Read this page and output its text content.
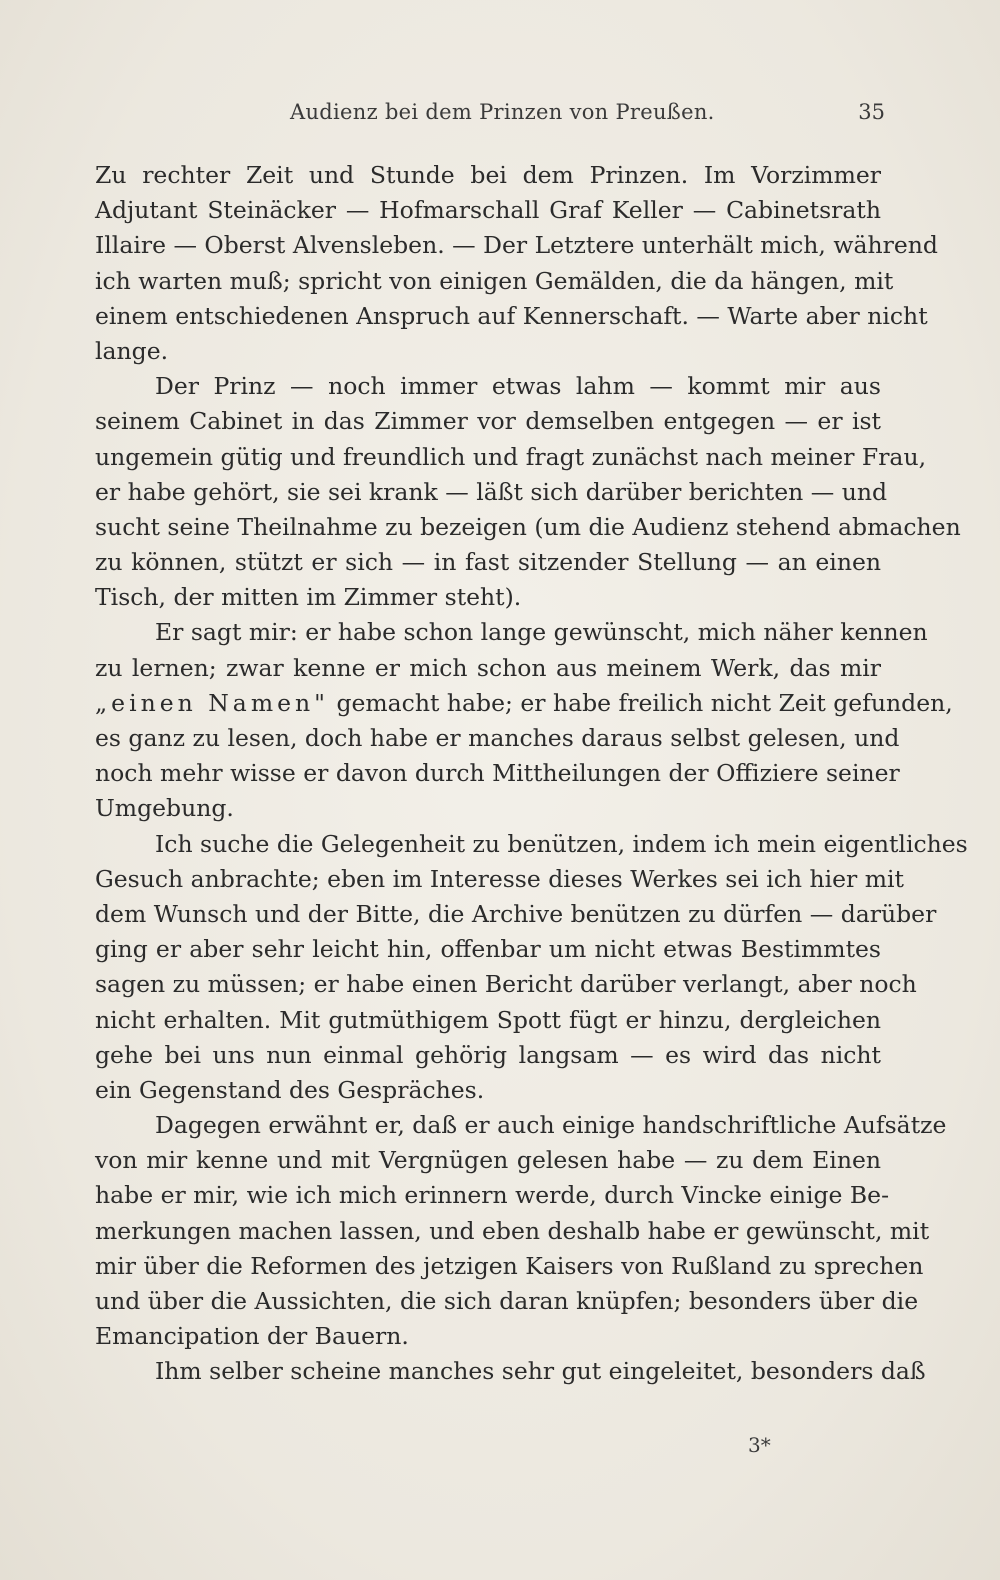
Audienz bei dem Prinzen von Preußen.	35
Zu rechter Zeit und Stunde bei dem Prinzen. Im Vorzimmer
Adjutant Steinäcker — Hofmarschall Graf Keller — Cabinetsrath
Illaire — Oberst Alvensleben. — Der Letztere unterhält mich, während
ich warten muß; spricht von einigen Gemälden, die da hängen, mit
einem entschiedenen Anspruch auf Kennerschaft. — Warte aber nicht
lange.
Der Prinz — noch immer etwas lahm — kommt mir aus
seinem Cabinet in das Zimmer vor demselben entgegen — er ist
ungemein gütig und freundlich und fragt zunächst nach meiner Frau,
er habe gehört, sie sei krank — läßt sich darüber berichten — und
sucht seine Theilnahme zu bezeigen (um die Audienz stehend abmachen
zu können, stützt er sich — in fast sitzender Stellung — an einen
Tisch, der mitten im Zimmer steht).
Er sagt mir: er habe schon lange gewünscht, mich näher kennen
zu lernen; zwar kenne er mich schon aus meinem Werk, das mir
„einen Namen" gemacht habe; er habe freilich nicht Zeit gefunden,
es ganz zu lesen, doch habe er manches daraus selbst gelesen, und
noch mehr wisse er davon durch Mittheilungen der Offiziere seiner
Umgebung.
Ich suche die Gelegenheit zu benützen, indem ich mein eigentliches
Gesuch anbrachte; eben im Interesse dieses Werkes sei ich hier mit
dem Wunsch und der Bitte, die Archive benützen zu dürfen — darüber
ging er aber sehr leicht hin, offenbar um nicht etwas Bestimmtes
sagen zu müssen; er habe einen Bericht darüber verlangt, aber noch
nicht erhalten. Mit gutmüthigem Spott fügt er hinzu, dergleichen
gehe bei uns nun einmal gehörig langsam — es wird das nicht
ein Gegenstand des Gespräches.
Dagegen erwähnt er, daß er auch einige handschriftliche Aufsätze
von mir kenne und mit Vergnügen gelesen habe — zu dem Einen
habe er mir, wie ich mich erinnern werde, durch Vincke einige Be-
merkungen machen lassen, und eben deshalb habe er gewünscht, mit
mir über die Reformen des jetzigen Kaisers von Rußland zu sprechen
und über die Aussichten, die sich daran knüpfen; besonders über die
Emancipation der Bauern.
Ihm selber scheine manches sehr gut eingeleitet, besonders daß
3*
